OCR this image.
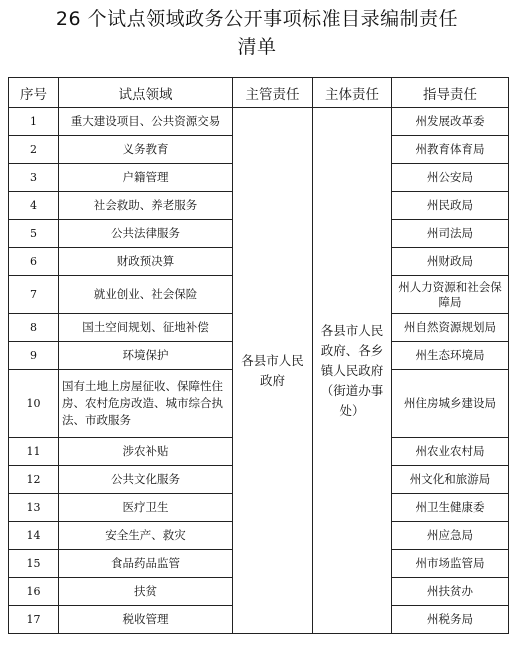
26 个试点领域政务公开事项标准目录编制责任
清单
序号	试点领域	主管责任	主体责任	指导责任
1	重大建设项目、公共资源交易	各县市人民政府	各县市人民政府、各乡镇人民政府（街道办事处）	州发展改革委
2	义务教育			州教育体育局
3	户籍管理			州公安局
4	社会救助、养老服务			州民政局
5	公共法律服务			州司法局
6	财政预决算			州财政局
7	就业创业、社会保险			州人力资源和社会保障局
8	国土空间规划、征地补偿			州自然资源规划局
9	环境保护			州生态环境局
10	国有土地上房屋征收、保障性住房、农村危房改造、城市综合执法、市政服务			州住房城乡建设局
11	涉农补贴			州农业农村局
12	公共文化服务			州文化和旅游局
13	医疗卫生			州卫生健康委
14	安全生产、救灾			州应急局
15	食品药品监管			州市场监管局
16	扶贫			州扶贫办
17	税收管理			州税务局
